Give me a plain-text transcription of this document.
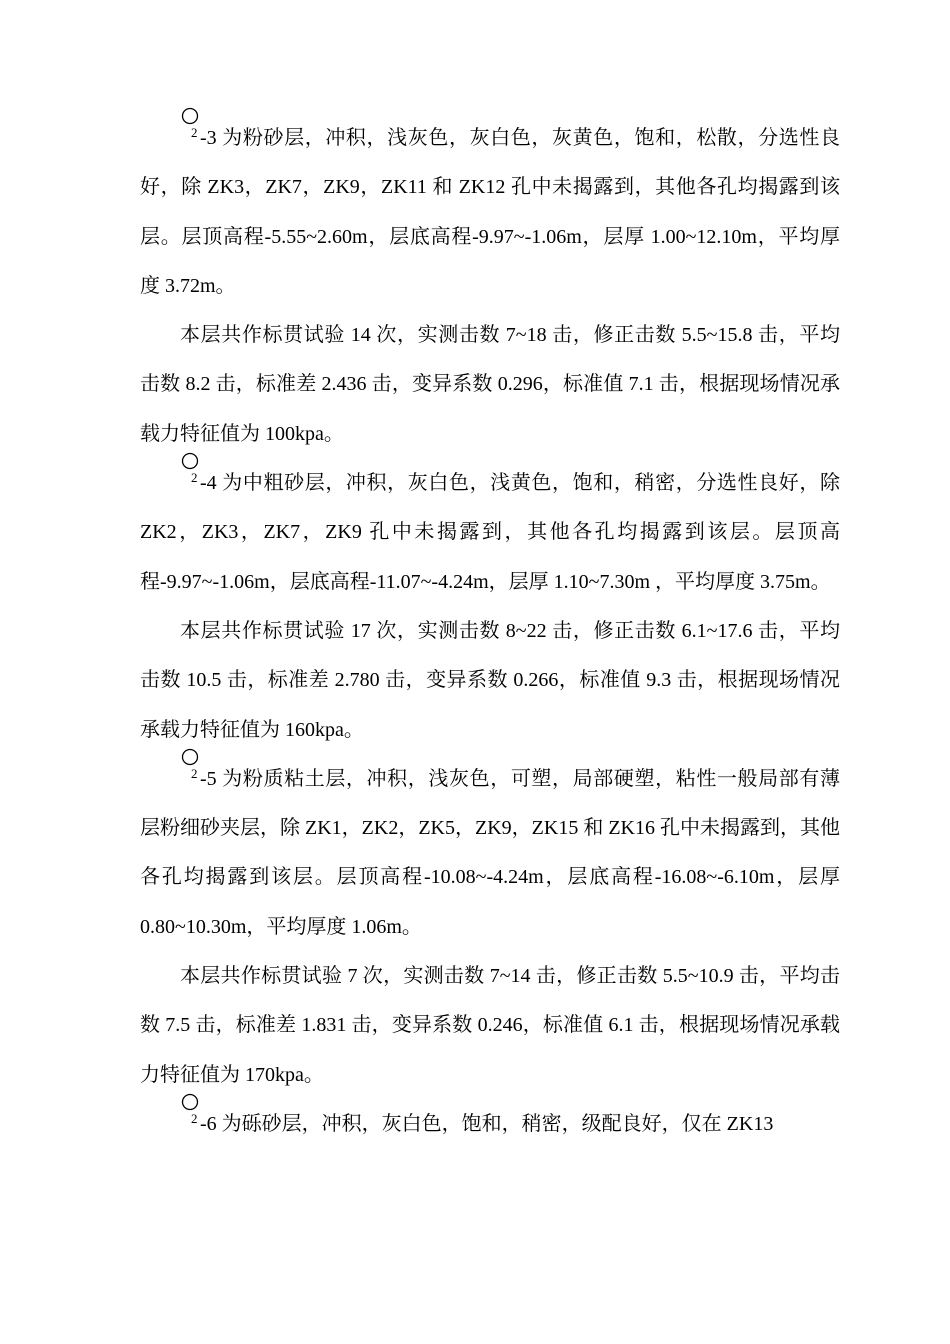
2 -3 为粉砂层，冲积，浅灰色，灰白色，灰黄色，饱和，松散，分选性良好，除 ZK3，ZK7，ZK9，ZK11 和 ZK12 孔中未揭露到，其他各孔均揭露到该层。层顶高程-5.55~2.60m，层底高程-9.97~-1.06m，层厚 1.00~12.10m，平均厚度 3.72m。

本层共作标贯试验 14 次，实测击数 7~18 击，修正击数 5.5~15.8 击，平均击数 8.2 击，标准差 2.436 击，变异系数 0.296，标准值 7.1 击，根据现场情况承载力特征值为 100kpa。

2 -4 为中粗砂层，冲积，灰白色，浅黄色，饱和，稍密，分选性良好，除 ZK2，ZK3，ZK7，ZK9 孔中未揭露到，其他各孔均揭露到该层。层顶高程-9.97~-1.06m，层底高程-11.07~-4.24m，层厚 1.10~7.30m ，平均厚度 3.75m。

本层共作标贯试验 17 次，实测击数 8~22 击，修正击数 6.1~17.6 击，平均击数 10.5 击，标准差 2.780 击，变异系数 0.266，标准值 9.3 击，根据现场情况承载力特征值为 160kpa。

2 -5 为粉质粘土层，冲积，浅灰色，可塑，局部硬塑，粘性一般局部有薄层粉细砂夹层，除 ZK1，ZK2，ZK5，ZK9，ZK15 和 ZK16 孔中未揭露到，其他各孔均揭露到该层。层顶高程-10.08~-4.24m，层底高程-16.08~-6.10m，层厚 0.80~10.30m，平均厚度 1.06m。

本层共作标贯试验 7 次，实测击数 7~14 击，修正击数 5.5~10.9 击，平均击数 7.5 击，标准差 1.831 击，变异系数 0.246，标准值 6.1 击，根据现场情况承载力特征值为 170kpa。

2 -6 为砾砂层，冲积，灰白色，饱和，稍密，级配良好，仅在 ZK13
